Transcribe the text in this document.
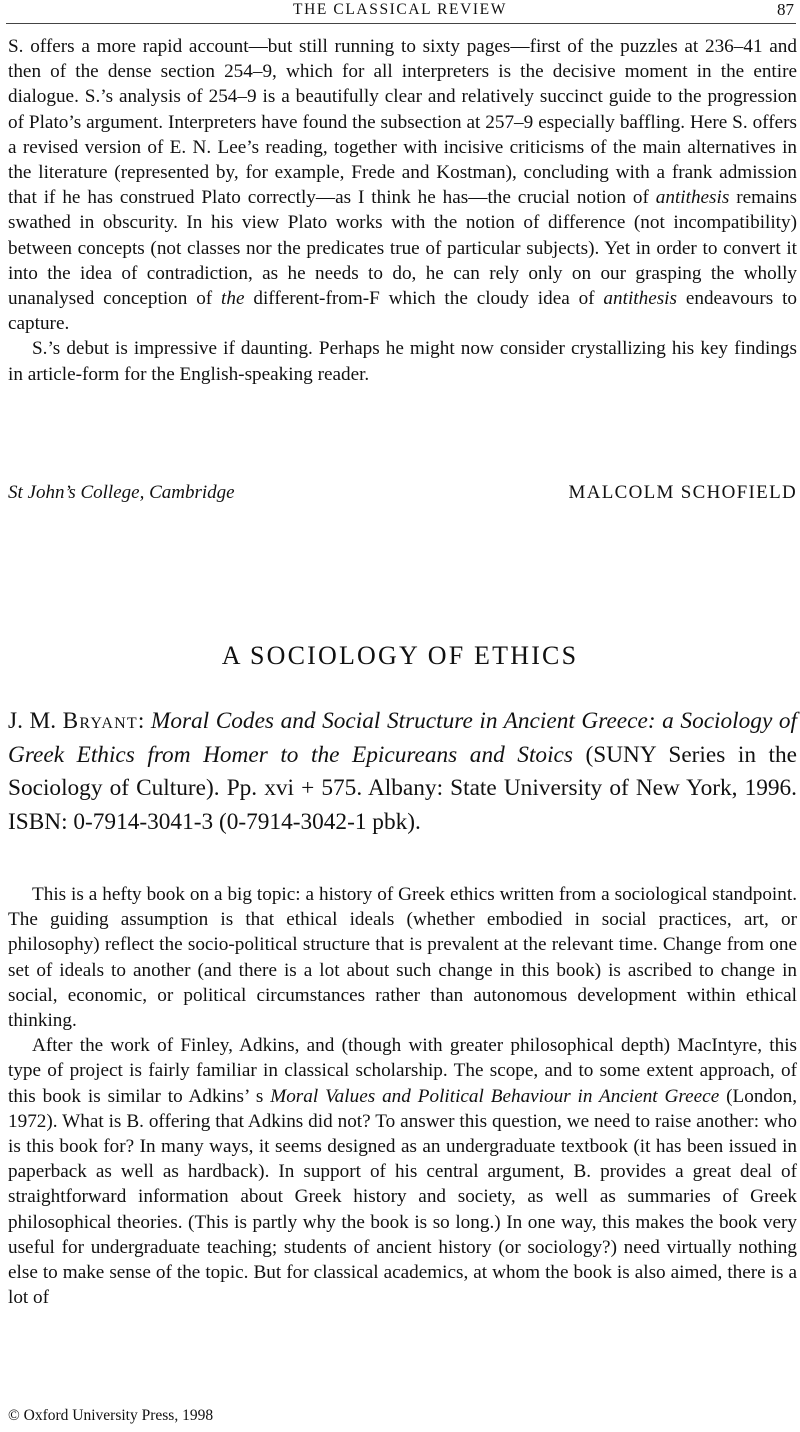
THE CLASSICAL REVIEW	87

S. offers a more rapid account—but still running to sixty pages—first of the puzzles at 236–41 and then of the dense section 254–9, which for all interpreters is the decisive moment in the entire dialogue. S.’s analysis of 254–9 is a beautifully clear and relatively succinct guide to the progression of Plato’s argument. Interpreters have found the subsection at 257–9 especially baffling. Here S. offers a revised version of E. N. Lee’s reading, together with incisive criticisms of the main alternatives in the literature (represented by, for example, Frede and Kostman), concluding with a frank admission that if he has construed Plato correctly—as I think he has—the crucial notion of antithesis remains swathed in obscurity. In his view Plato works with the notion of difference (not incompatibility) between concepts (not classes nor the predicates true of particular subjects). Yet in order to convert it into the idea of contradiction, as he needs to do, he can rely only on our grasping the wholly unanalysed conception of the different-from-F which the cloudy idea of antithesis endeavours to capture.

S.’s debut is impressive if daunting. Perhaps he might now consider crystallizing his key findings in article-form for the English-speaking reader.

St John’s College, Cambridge	MALCOLM SCHOFIELD
A SOCIOLOGY OF ETHICS

J. M. Bryant: Moral Codes and Social Structure in Ancient Greece: a Sociology of Greek Ethics from Homer to the Epicureans and Stoics (SUNY Series in the Sociology of Culture). Pp. xvi + 575. Albany: State University of New York, 1996. ISBN: 0-7914-3041-3 (0-7914-3042-1 pbk).

This is a hefty book on a big topic: a history of Greek ethics written from a sociological standpoint. The guiding assumption is that ethical ideals (whether embodied in social practices, art, or philosophy) reflect the socio-political structure that is prevalent at the relevant time. Change from one set of ideals to another (and there is a lot about such change in this book) is ascribed to change in social, economic, or political circumstances rather than autonomous development within ethical thinking.

After the work of Finley, Adkins, and (though with greater philosophical depth) MacIntyre, this type of project is fairly familiar in classical scholarship. The scope, and to some extent approach, of this book is similar to Adkins’ s Moral Values and Political Behaviour in Ancient Greece (London, 1972). What is B. offering that Adkins did not? To answer this question, we need to raise another: who is this book for? In many ways, it seems designed as an undergraduate textbook (it has been issued in paperback as well as hardback). In support of his central argument, B. provides a great deal of straightforward information about Greek history and society, as well as summaries of Greek philosophical theories. (This is partly why the book is so long.) In one way, this makes the book very useful for undergraduate teaching; students of ancient history (or sociology?) need virtually nothing else to make sense of the topic. But for classical academics, at whom the book is also aimed, there is a lot of

© Oxford University Press, 1998
